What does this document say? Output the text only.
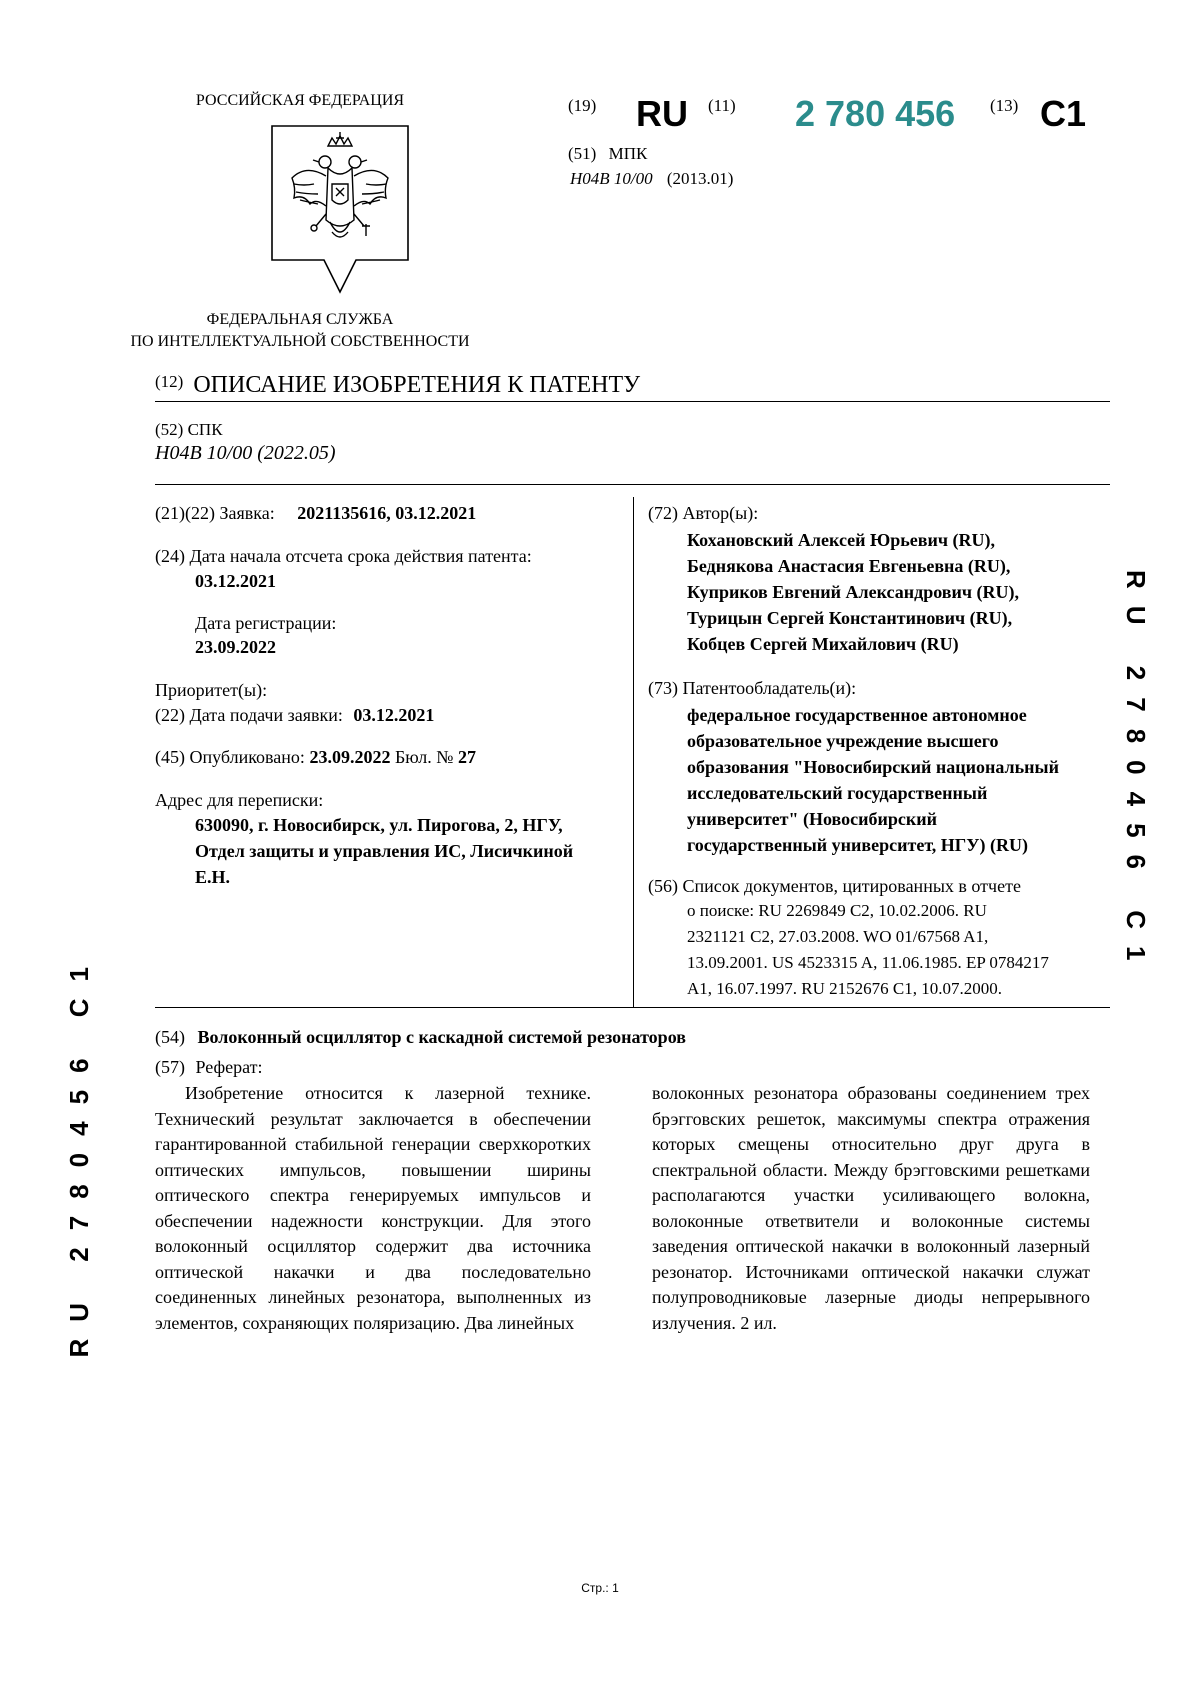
РОССИЙСКАЯ ФЕДЕРАЦИЯ
ФЕДЕРАЛЬНАЯ СЛУЖБА
ПО ИНТЕЛЛЕКТУАЛЬНОЙ СОБСТВЕННОСТИ
(19) RU (11) 2 780 456 (13) C1
(51) МПК
H04B 10/00 (2013.01)
(12) ОПИСАНИЕ ИЗОБРЕТЕНИЯ К ПАТЕНТУ
(52) СПК
H04B 10/00 (2022.05)
(21)(22) Заявка: 2021135616, 03.12.2021
(24) Дата начала отсчета срока действия патента:
03.12.2021
Дата регистрации:
23.09.2022
Приоритет(ы):
(22) Дата подачи заявки: 03.12.2021
(45) Опубликовано: 23.09.2022 Бюл. № 27
Адрес для переписки:
630090, г. Новосибирск, ул. Пирогова, 2, НГУ,
Отдел защиты и управления ИС, Лисичкиной
Е.Н.
(72) Автор(ы):
Кохановский Алексей Юрьевич (RU),
Беднякова Анастасия Евгеньевна (RU),
Куприков Евгений Александрович (RU),
Турицын Сергей Константинович (RU),
Кобцев Сергей Михайлович (RU)
(73) Патентообладатель(и):
федеральное государственное автономное
образовательное учреждение высшего
образования "Новосибирский национальный
исследовательский государственный
университет" (Новосибирский
государственный университет, НГУ) (RU)
(56) Список документов, цитированных в отчете
о поиске: RU 2269849 C2, 10.02.2006. RU
2321121 C2, 27.03.2008. WO 01/67568 A1,
13.09.2001. US 4523315 A, 11.06.1985. EP 0784217
A1, 16.07.1997. RU 2152676 C1, 10.07.2000.
(54) Волоконный осциллятор с каскадной системой резонаторов
(57) Реферат:

Изобретение относится к лазерной технике. Технический результат заключается в обеспечении гарантированной стабильной генерации сверхкоротких оптических импульсов, повышении ширины оптического спектра генерируемых импульсов и обеспечении надежности конструкции. Для этого волоконный осциллятор содержит два источника оптической накачки и два последовательно соединенных линейных резонатора, выполненных из элементов, сохраняющих поляризацию. Два линейных

волоконных резонатора образованы соединением трех брэгговских решеток, максимумы спектра отражения которых смещены относительно друг друга в спектральной области. Между брэгговскими решетками располагаются участки усиливающего волокна, волоконные ответвители и волоконные системы заведения оптической накачки в волоконный лазерный резонатор. Источниками оптической накачки служат полупроводниковые лазерные диоды непрерывного излучения. 2 ил.

RU 2780456 C1
RU 2780456 C1
Стр.: 1
